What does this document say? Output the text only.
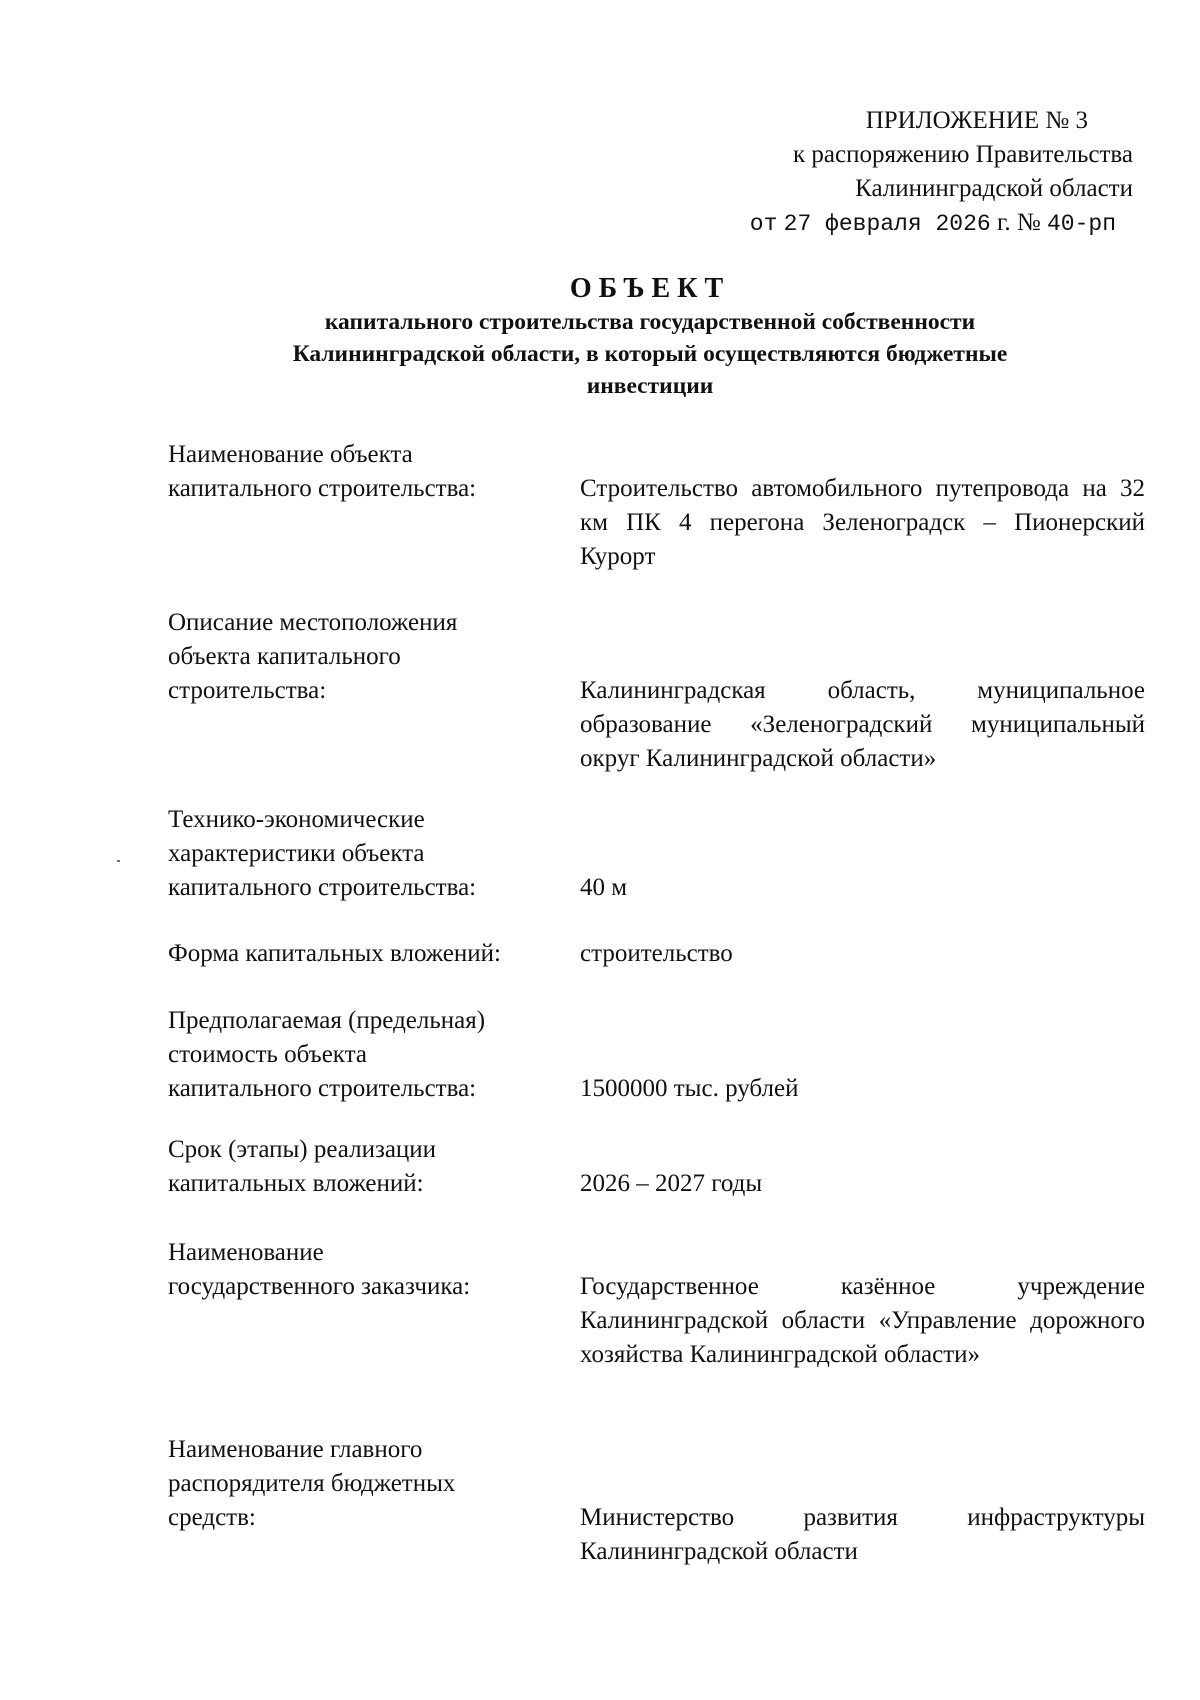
ПРИЛОЖЕНИЕ № 3
к распоряжению Правительства
Калининградской области
от 27 февраля 2026 г. № 40-рп
ОБЪЕКТ
капитального строительства государственной собственности
Калининградской области, в который осуществляются бюджетные
инвестиции
Наименование объекта
капитального строительства:	Строительство автомобильного путепровода на 32 км ПК 4 перегона Зеленоградск – Пионерский Курорт
Описание местоположения
объекта капитального
строительства:	Калининградская область, муниципальное образование «Зеленоградский муниципальный округ Калининградской области»
Технико-экономические
характеристики объекта
капитального строительства:	40 м
Форма капитальных вложений:	строительство
Предполагаемая (предельная)
стоимость объекта
капитального строительства:	1500000 тыс. рублей
Срок (этапы) реализации
капитальных вложений:	2026 – 2027 годы
Наименование
государственного заказчика:	Государственное казённое учреждение Калининградской области «Управление дорожного хозяйства Калининградской области»
Наименование главного
распорядителя бюджетных
средств:	Министерство развития инфраструктуры Калининградской области
